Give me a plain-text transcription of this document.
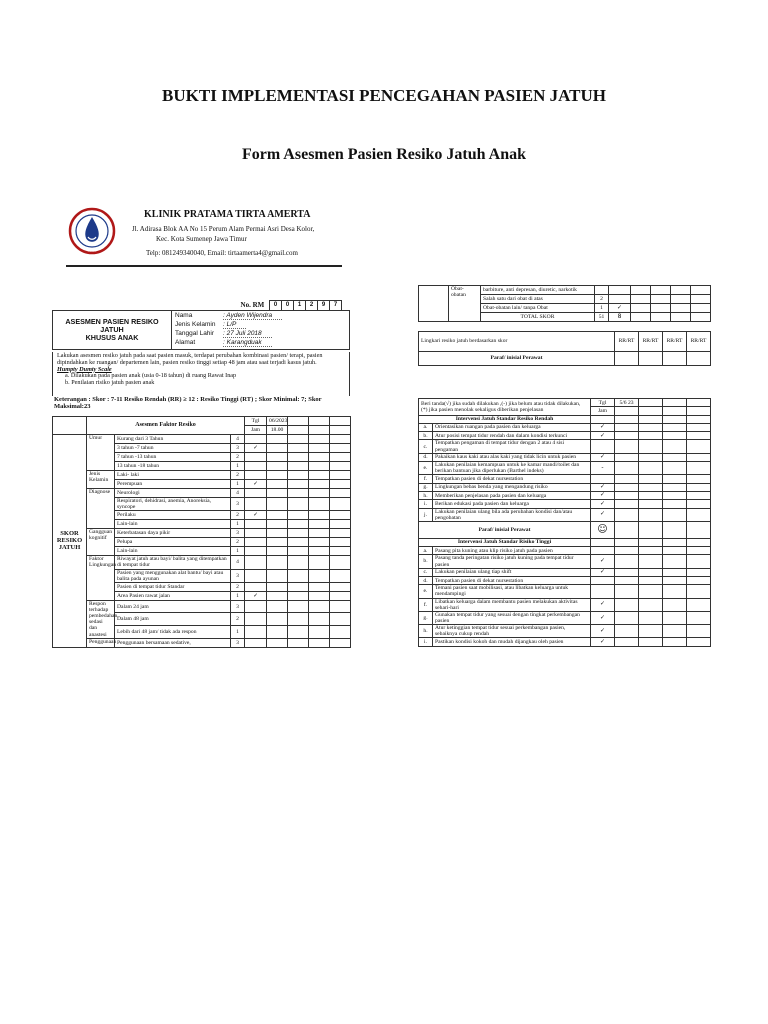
BUKTI IMPLEMENTASI PENCEGAHAN PASIEN JATUH
Form Asesmen Pasien Resiko Jatuh Anak
• • •
KLINIK PRATAMA TIRTA AMERTA
Jl. Adirasa Blok AA No 15 Perum Alam Permai Asri Desa Kolor,
Kec. Kota Sumenep Jawa Timur
Telp: 081249340040, Email: tirtaamerta4@gmail.com
No. RM 0 0 1 2 9 7
ASESMEN PASIEN RESIKO JATUH
KHUSUS ANAK
Nama	: Ayden Wijendra
Jenis Kelamin : L/P
Tanggal Lahir : 27 Juli 2018
Alamat	: Karangduak

Lakukan asesmen resiko jatuh pada saat pasien masuk, terdapat perubahan kombinasi pasien/ terapi, pasien dipindahkan ke ruangan/ departemen lain, pasien resiko tinggi setiap 48 jam atau saat terjadi kasus jatuh.

Humpty Dumty Scale

a. Dilakukan pada pasien anak (usia 0-18 tahun) di ruang Rawat Inap

b. Penilaian risiko jatuh pasien anak

Keterangan : Skor : 7-11 Resiko Rendah (RR) ≥ 12 : Resiko Tinggi (RT) ; Skor Minimal: 7; Skor Maksimal:23
	Asesmen Faktor Resiko			Tgl	06/2023			
				Jam	18.00			
SKOR RESIKO JATUH	Umur	Kurang dari 3 Tahun	4					
		3 tahun -7 tahun	3	✓				
		7 tahun -13 tahun	2					
		13 tahun -18 tahun	1					
	Jenis Kelamin	Laki- laki	2					
		Perempuan	1	✓				
	Diagnose	Neurologi	4					
		Respiratori, dehidrasi, anemia, Anoreksia, syncope	3					
		Perilaku	2	✓				
		Lain-lain	1					
	Gangguan kognitif	Keterbatasan daya pikir	3					
		Pelupa	2					
		Lain-lain	1					
	Faktor Lingkungan	Riwayat jatuh atau bayi/ balita yang ditempatkan di tempat tidur	4					
		Pasien yang menggunakan alat bantu/ bayi atau balita pada ayunan	3					
		Pasien di tempat tidur Standar	2					
		Area Pasien rawat jalan	1	✓				
	Respon terhadap pembedahan, sedasi dan anastesi	Dalam 24 jam	3					
		Dalam 48 jam	2					
		Lebih dari 48 jam/ tidak ada respon	1					
	Penggunaan	Penggunaan bersamaan sedative,	3					
	Obat-obatan	barbiture, anti depresan, diuretic, narkotik						
		Salah satu dari obat di atas	2					
		Obat-obatan lain/ tanpa Obat	1	✓				
		TOTAL SKOR	51	8				
Lingkari resiko jatuh berdasarkan skor	RR/RT	RR/RT	RR/RT	RR/RT
Paraf/ inisial Perawat				
Beri tanda(√) jika sudah dilakukan ,(-) jika belum atau tidak dilakukan, (*) jika pasien menolak sekaligus diberikan penjelasan		Tgl	5/6 23			
		Jam				
Intervensi Jatuh Standar Resiko Rendah						
a.	Orientasikan ruangan pada pasien dan keluarga	✓				
b.	Atur posisi tempat tidur rendah dan dalam kondisi terkunci	✓				
c.	Tempatkan pengaman di tempat tidur dengan 2 atau 4 sisi pengaman					
d.	Pakaikan kaus kaki atau alas kaki yang tidak licin untuk pasien	✓				
e.	Lakukan penilaian kemampuan untuk ke kamar mandi/toilet dan berikan bantuan jika diperlukan (Barthel indeks)	-				
f.	Tempatkan pasien di dekat nursestation					
g.	Lingkungan bebas benda yang mengandung risiko	✓				
h.	Memberikan penjelasan pada pasien dan keluarga	✓				
i.	Berikan edukasi pada pasien dan keluarga	✓				
j.	Lakukan penilaian ulang bila ada perubahan kondisi dan/atau pengobatan	✓				
Paraf/ inisial Perawat		☺				
Intervensi Jatuh Standar Risiko Tinggi						
a.	Pasang pita kuning atau klip risiko jatuh pada pasien					
b.	Pasang tanda peringatan risiko jatuh kuning pada tempat tidur pasien	✓				
c.	Lakukan penilaian ulang tiap shift	✓				
d.	Tempatkan pasien di dekat nursestation					
e.	Temani pasien saat mobilisasi, atau libatkan keluarga untuk mendampingi					
f.	Libatkan keluarga dalam membantu pasien melakukan aktivitas sehari-hari	✓				
g.	Gunakan tempat tidur yang sesuai dengan tingkat perkembangan pasien	✓				
h.	Atur ketinggian tempat tidur sesuai perkembangan pasien, sebaiknya cukup rendah	✓				
i.	Pastikan kondisi kokoh dan mudah dijangkau oleh pasien	✓				
